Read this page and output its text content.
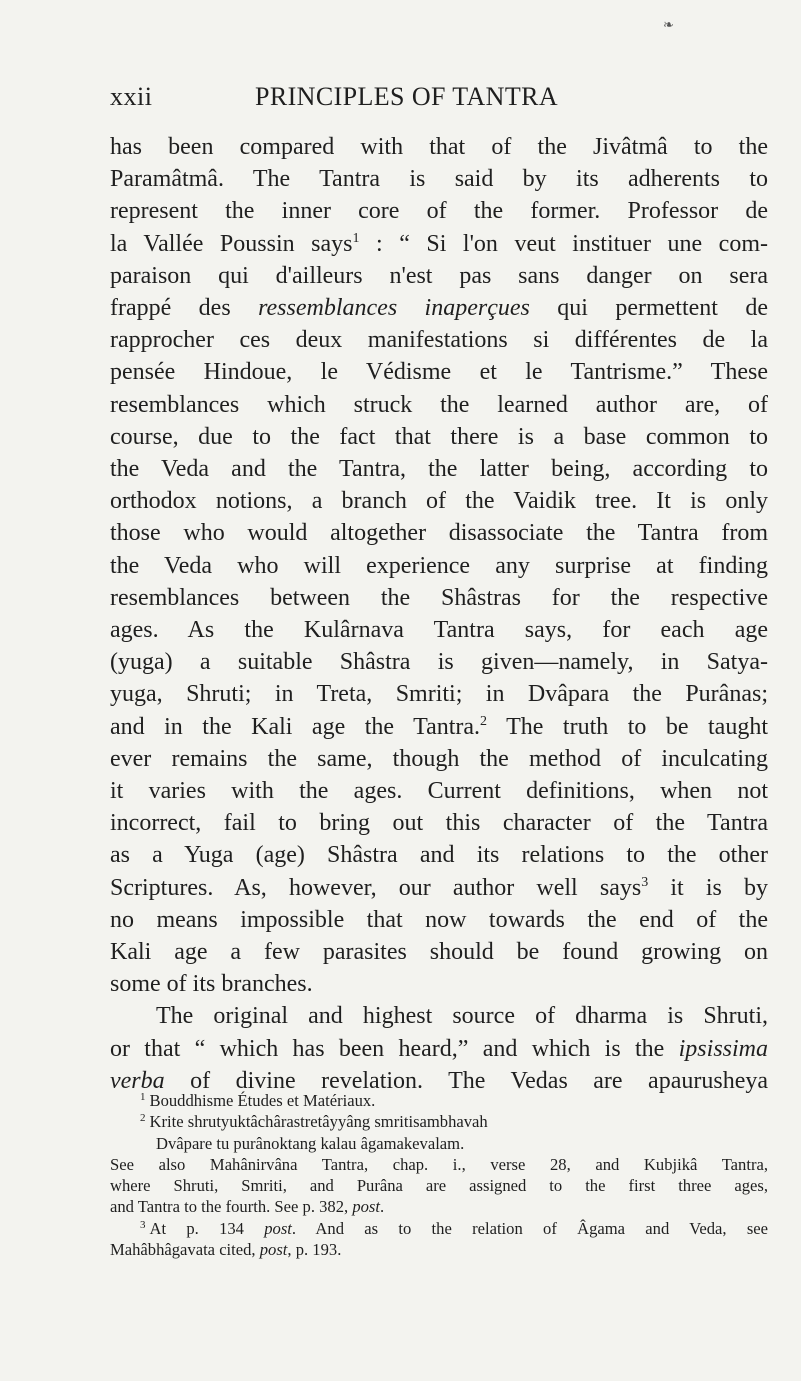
❧
xxii	PRINCIPLES OF TANTRA
has been compared with that of the Jivâtmâ to the
Paramâtmâ. The Tantra is said by its adherents to
represent the inner core of the former. Professor de
la Vallée Poussin says$^1$ : “ Si l'on veut instituer une com-
paraison qui d'ailleurs n'est pas sans danger on sera
frappé des ressemblances inaperçues qui permettent de
rapprocher ces deux manifestations si différentes de la
pensée Hindoue, le Védisme et le Tantrisme.” These
resemblances which struck the learned author are, of
course, due to the fact that there is a base common to
the Veda and the Tantra, the latter being, according to
orthodox notions, a branch of the Vaidik tree. It is only
those who would altogether disassociate the Tantra from
the Veda who will experience any surprise at finding
resemblances between the Shâstras for the respective
ages. As the Kulârnava Tantra says, for each age
(yuga) a suitable Shâstra is given—namely, in Satya-
yuga, Shruti; in Treta, Smriti; in Dvâpara the Purânas;
and in the Kali age the Tantra.$^2$ The truth to be taught
ever remains the same, though the method of inculcating
it varies with the ages. Current definitions, when not
incorrect, fail to bring out this character of the Tantra
as a Yuga (age) Shâstra and its relations to the other
Scriptures. As, however, our author well says$^3$ it is by
no means impossible that now towards the end of the
Kali age a few parasites should be found growing on
some of its branches.
The original and highest source of dharma is Shruti,
or that “ which has been heard,” and which is the ipsissima
verba of divine revelation. The Vedas are apaurusheya
$^1$ Bouddhisme Études et Matériaux.
$^2$ Krite shrutyuktâchârastretâyyâng smritisambhavah
Dvâpare tu purânoktang kalau âgamakevalam.
See also Mahânirvâna Tantra, chap. i., verse 28, and Kubjikâ Tantra,
where Shruti, Smriti, and Purâna are assigned to the first three ages,
and Tantra to the fourth. See p. 382, post.
$^3$ At p. 134 post. And as to the relation of Âgama and Veda, see
Mahâbhâgavata cited, post, p. 193.
